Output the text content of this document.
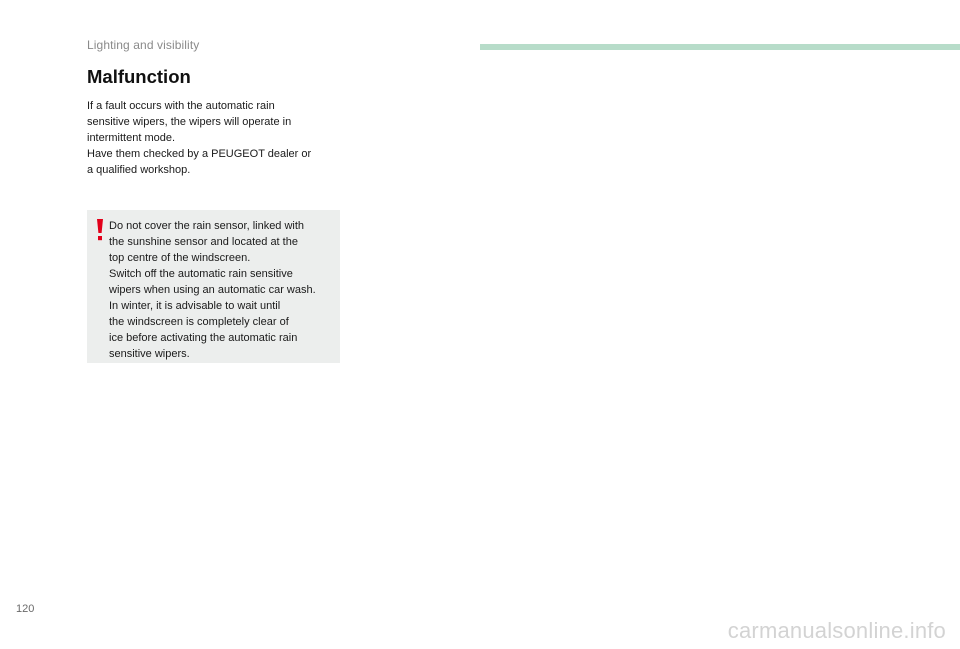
Lighting and visibility
Malfunction

If a fault occurs with the automatic rain
sensitive wipers, the wipers will operate in
intermittent mode.
Have them checked by a PEUGEOT dealer or
a qualified workshop.

Do not cover the rain sensor, linked with
the sunshine sensor and located at the
top centre of the windscreen.
Switch off the automatic rain sensitive
wipers when using an automatic car wash.
In winter, it is advisable to wait until
the windscreen is completely clear of
ice before activating the automatic rain
sensitive wipers.

120
carmanualsonline.info
